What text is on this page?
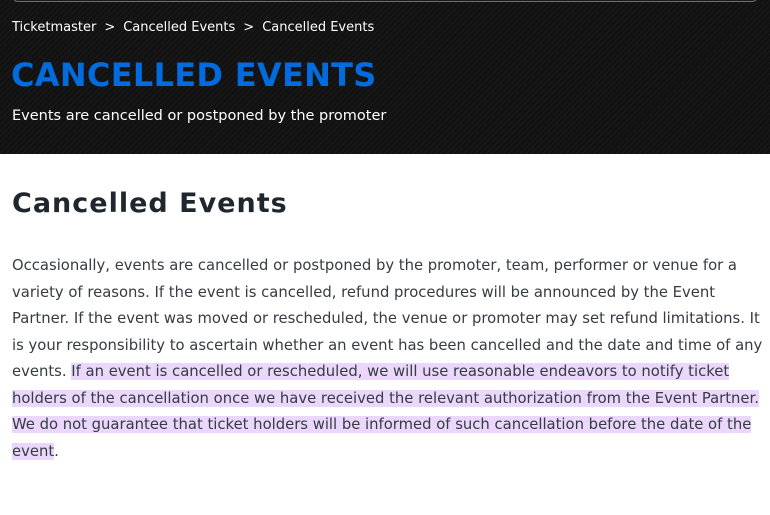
Ticketmaster > Cancelled Events > Cancelled Events
CANCELLED EVENTS

Events are cancelled or postponed by the promoter

Cancelled Events

Occasionally, events are cancelled or postponed by the promoter, team, performer or venue for a variety of reasons. If the event is cancelled, refund procedures will be announced by the Event Partner. If the event was moved or rescheduled, the venue or promoter may set refund limitations. It is your responsibility to ascertain whether an event has been cancelled and the date and time of any events. If an event is cancelled or rescheduled, we will use reasonable endeavors to notify ticket holders of the cancellation once we have received the relevant authorization from the Event Partner. We do not guarantee that ticket holders will be informed of such cancellation before the date of the event.
